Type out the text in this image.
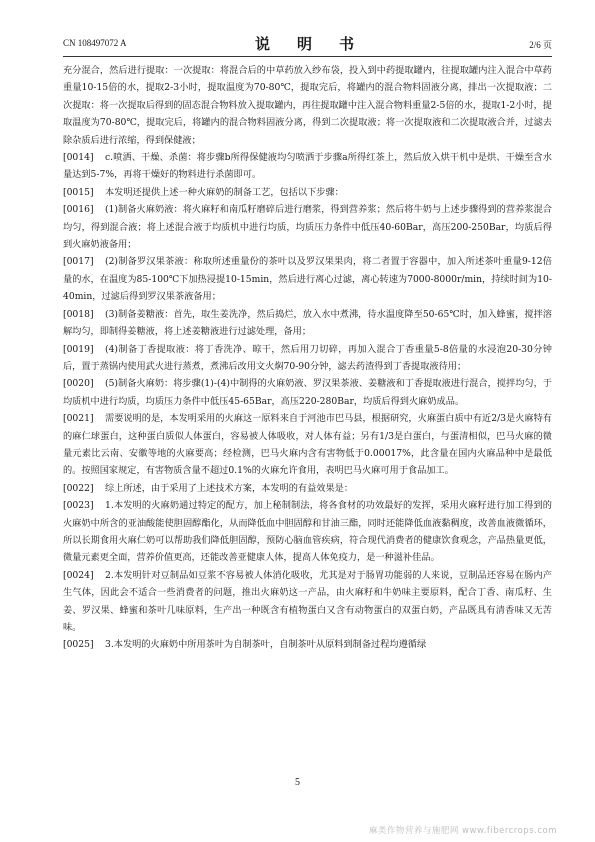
CN 108497072 A	说　明　书	2/6 页

充分混合，然后进行提取：一次提取：将混合后的中草药放入纱布袋，投入到中药提取罐内，往提取罐内注入混合中草药重量10-15倍的水，提取2-3小时，提取温度为70-80℃，提取完后，将罐内的混合物料固液分离，排出一次提取液；二次提取：将一次提取后得到的固态混合物料放入提取罐内，再往提取罐中注入混合物料重量2-5倍的水，提取1-2小时，提取温度为70-80℃，提取完后，将罐内的混合物料固液分离，得到二次提取液；将一次提取液和二次提取液合并，过滤去除杂质后进行浓缩，得到保健液；

[0014] c.喷洒、干燥、杀菌：将步骤b所得保健液均匀喷洒于步骤a所得红茶上，然后放入烘干机中是烘、干燥至含水量达到5-7%，再将干燥好的物料进行杀菌即可。

[0015] 本发明还提供上述一种火麻奶的制备工艺，包括以下步骤：

[0016] (1)制备火麻奶液：将火麻籽和南瓜籽磨碎后进行磨浆，得到营养浆；然后将牛奶与上述步骤得到的营养浆混合均匀，得到混合液；将上述混合液于均质机中进行均质，均质压力条件中低压40-60Bar，高压200-250Bar，均质后得到火麻奶液备用；

[0017] (2)制备罗汉果茶液：称取所述重量份的茶叶以及罗汉果果肉，将二者置于容器中，加入所述茶叶重量9-12倍量的水，在温度为85-100℃下加热浸提10-15min，然后进行离心过滤，离心转速为7000-8000r/min，持续时间为10-40min，过滤后得到罗汉果茶液备用；

[0018] (3)制备姜糖液：首先，取生姜洗净，然后捣烂，放入水中煮沸，待水温度降至50-65℃时，加入蜂蜜，搅拌溶解均匀，即制得姜糖液，将上述姜糖液进行过滤处理，备用；

[0019] (4)制备丁香提取液：将丁香洗净、晾干，然后用刀切碎，再加入混合丁香重量5-8倍量的水浸泡20-30分钟后，置于蒸锅内使用武火进行蒸煮，煮沸后改用文火焖70-90分钟，滤去药渣得到丁香提取液待用；

[0020] (5)制备火麻奶：将步骤(1)-(4)中制得的火麻奶液、罗汉果茶液、姜糖液和丁香提取液进行混合，搅拌均匀，于均质机中进行均质，均质压力条件中低压45-65Bar，高压220-280Bar，均质后得到火麻奶成品。

[0021] 需要说明的是，本发明采用的火麻这一原料来自于河池市巴马县，根据研究，火麻蛋白质中有近2/3是火麻特有的麻仁球蛋白，这种蛋白质似人体蛋白，容易被人体吸收，对人体有益；另有1/3是白蛋白，与蛋清相似，巴马火麻的微量元素比云南、安徽等地的火麻要高；经检测，巴马火麻内含有害物低于0.00017%，此含量在国内火麻品种中是最低的。按照国家规定，有害物质含量不超过0.1%的火麻允许食用，表明巴马火麻可用于食品加工。

[0022] 综上所述，由于采用了上述技术方案，本发明的有益效果是：

[0023] 1.本发明的火麻奶通过特定的配方，加上秘制制法，将各食材的功效最好的发挥，采用火麻籽进行加工得到的火麻奶中所含的亚油酸能使胆固醇酯化，从而降低血中胆固醇和甘油三酯，同时还能降低血液黏稠度，改善血液微循环，所以长期食用火麻仁奶可以帮助我们降低胆固醇，预防心脑血管疾病，符合现代消费者的健康饮食观念，产品热量更低，微量元素更全面，营养价值更高，还能改善亚健康人体，提高人体免疫力，是一种滋补佳品。

[0024] 2.本发明针对豆制品如豆浆不容易被人体消化吸收，尤其是对于肠胃功能弱的人来说，豆制品还容易在肠内产生气体，因此会不适合一些消费者的问题，推出火麻奶这一产品，由火麻籽和牛奶味主要原料，配合丁香、南瓜籽、生姜、罗汉果、蜂蜜和茶叶几味原料，生产出一种既含有植物蛋白又含有动物蛋白的双蛋白奶，产品既具有清香味又无苦味。

[0025] 3.本发明的火麻奶中所用茶叶为自制茶叶，自制茶叶从原料到制备过程均遵循绿

5
麻类作物营养与施肥网 www.fibercrops.com
